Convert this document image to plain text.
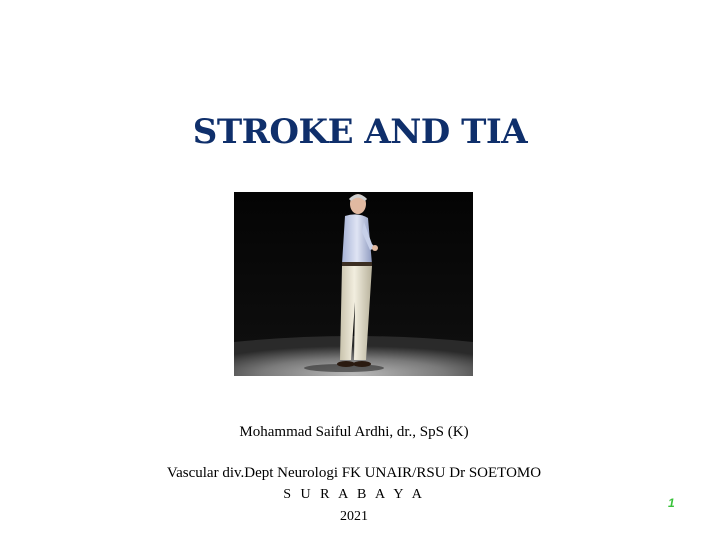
STROKE AND TIA
Mohammad Saiful Ardhi, dr., SpS (K)
Vascular div.Dept Neurologi FK UNAIR/RSU Dr SOETOMO
S U R A B A Y A
2021
1
